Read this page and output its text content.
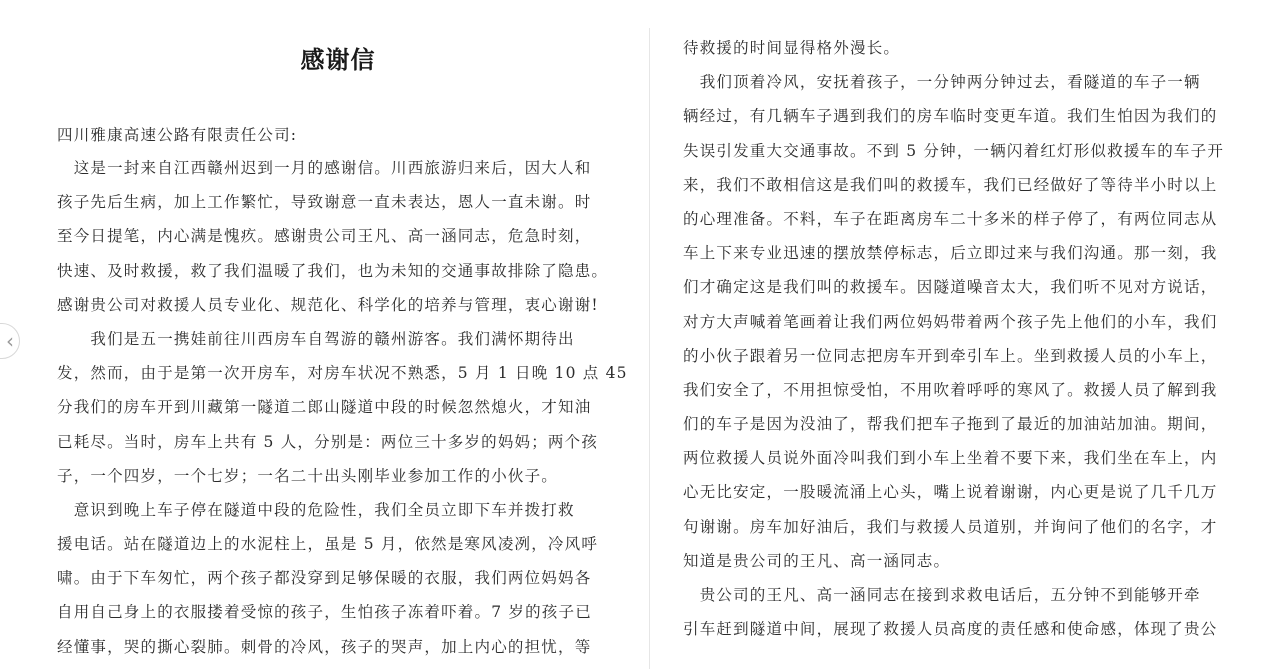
感谢信

四川雅康高速公路有限责任公司:

　这是一封来自江西赣州迟到一月的感谢信。川西旅游归来后，因大人和
孩子先后生病，加上工作繁忙，导致谢意一直未表达，恩人一直未谢。时
至今日提笔，内心满是愧疚。感谢贵公司王凡、高一涵同志，危急时刻，
快速、及时救援，救了我们温暖了我们，也为未知的交通事故排除了隐患。
感谢贵公司对救援人员专业化、规范化、科学化的培养与管理，衷心谢谢!
　　我们是五一携娃前往川西房车自驾游的赣州游客。我们满怀期待出
发，然而，由于是第一次开房车，对房车状况不熟悉，5 月 1 日晚 10 点 45
分我们的房车开到川藏第一隧道二郎山隧道中段的时候忽然熄火，才知油
已耗尽。当时，房车上共有 5 人，分别是：两位三十多岁的妈妈；两个孩
子，一个四岁，一个七岁；一名二十出头刚毕业参加工作的小伙子。
　意识到晚上车子停在隧道中段的危险性，我们全员立即下车并拨打救
援电话。站在隧道边上的水泥柱上，虽是 5 月，依然是寒风凌冽，冷风呼
啸。由于下车匆忙，两个孩子都没穿到足够保暖的衣服，我们两位妈妈各
自用自己身上的衣服搂着受惊的孩子，生怕孩子冻着吓着。7 岁的孩子已
经懂事，哭的撕心裂肺。刺骨的冷风，孩子的哭声，加上内心的担忧，等
‹
待救援的时间显得格外漫长。
　我们顶着冷风，安抚着孩子，一分钟两分钟过去，看隧道的车子一辆
辆经过，有几辆车子遇到我们的房车临时变更车道。我们生怕因为我们的
失误引发重大交通事故。不到 5 分钟，一辆闪着红灯形似救援车的车子开
来，我们不敢相信这是我们叫的救援车，我们已经做好了等待半小时以上
的心理准备。不料，车子在距离房车二十多米的样子停了，有两位同志从
车上下来专业迅速的摆放禁停标志，后立即过来与我们沟通。那一刻，我
们才确定这是我们叫的救援车。因隧道噪音太大，我们听不见对方说话，
对方大声喊着笔画着让我们两位妈妈带着两个孩子先上他们的小车，我们
的小伙子跟着另一位同志把房车开到牵引车上。坐到救援人员的小车上，
我们安全了，不用担惊受怕，不用吹着呼呼的寒风了。救援人员了解到我
们的车子是因为没油了，帮我们把车子拖到了最近的加油站加油。期间，
两位救援人员说外面冷叫我们到小车上坐着不要下来，我们坐在车上，内
心无比安定，一股暖流涌上心头，嘴上说着谢谢，内心更是说了几千几万
句谢谢。房车加好油后，我们与救援人员道别，并询问了他们的名字，才
知道是贵公司的王凡、高一涵同志。
　贵公司的王凡、高一涵同志在接到求救电话后，五分钟不到能够开牵
引车赶到隧道中间，展现了救援人员高度的责任感和使命感，体现了贵公
